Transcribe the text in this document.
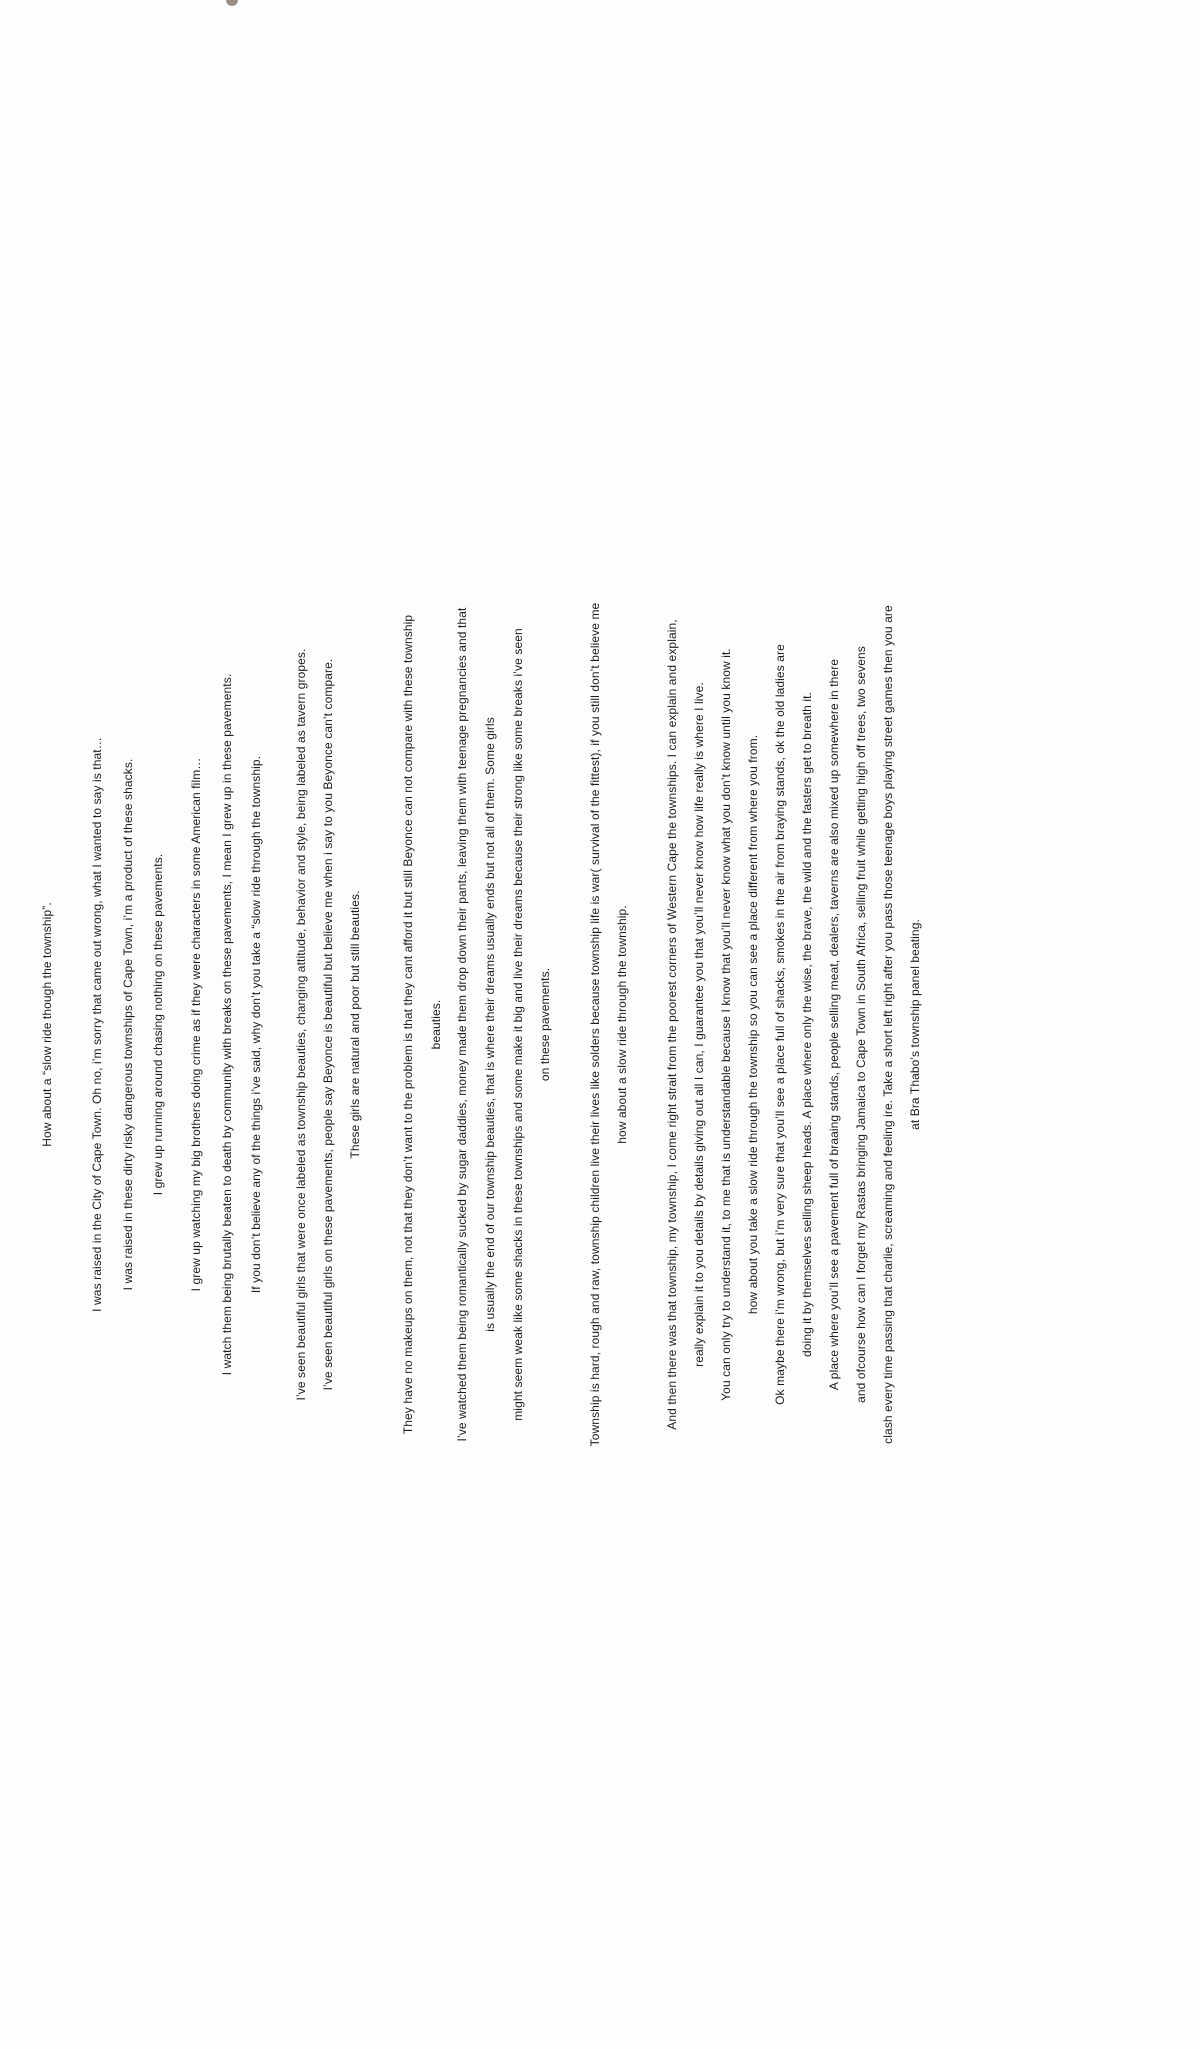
How about a “slow ride though the township”.	I was raised in the City of Cape Town. Oh no, i’m sorry that came out wrong, what I wanted to say is that…	I was raised in these dirty risky dangerous townships of Cape Town, i’m a product of these shacks.	I grew up running around chasing nothing on these pavements.	I grew up watching my big brothers doing crime as if they were characters in some American film…	I watch them being brutally beaten to death by community with breaks on these pavements, I mean I grew up in these pavements.	If you don’t believe any of the things i’ve said, why don’t you take a “slow ride through the township.	I’ve seen beautiful girls that were once labeled as township beauties, changing attitude, behavior and style, being labeled as tavern gropes.	I’ve seen beautiful girls on these pavements, people say Beyonce is beautiful but believe me when i say to you Beyonce can’t compare.	These girls are natural and poor but still beauties.	They have no makeups on them, not that they don’t want to the problem is that they cant afford it but still Beyonce can not compare with these township	beauties.	I’ve watched them being romantically sucked by sugar daddies, money made them drop down their pants, leaving them with teenage pregnancies and that	is usually the end of our township beauties, that is where their dreams usually ends but not all of them. Some girls	might seem weak like some shacks in these townships and some make it big and live their dreams because their strong like some breaks i’ve seen	on these pavements.	Township is hard, rough and raw, township children live their lives like solders because township life is war( survival of the fittest), if you still don’t believe me	how about a slow ride through the township.	And then there was that township, my township, I come right strait from the poorest corners of Western Cape the townships. I can explain and explain,	really explain it to you details by details giving out all I can, I guarantee you that you’ll never know how life really is where I live.	You can only try to understand it, to me that is understandable because I know that you’ll never know what you don’t know until you know it.	how about you take a slow ride through the township so you can see a place different from where you from.	Ok maybe there i’m wrong, but i’m very sure that you’ll see a place full of shacks, smokes in the air from braying stands, ok the old ladies are	doing it by themselves selling sheep heads. A place where only the wise, the brave, the wild and the fasters get to breath it.	A place where you’ll see a pavement full of braaing stands, people selling meat, dealers, taverns are also mixed up somewhere in there	and ofcourse how can I forget my Rastas bringing Jamaica to Cape Town in South Africa, selling fruit while getting high off trees, two sevens	clash every time passing that charlie, screaming and feeling ire. Take a short left right after you pass those teenage boys playing street games then you are	at Bra Thabo’s township panel beating.
